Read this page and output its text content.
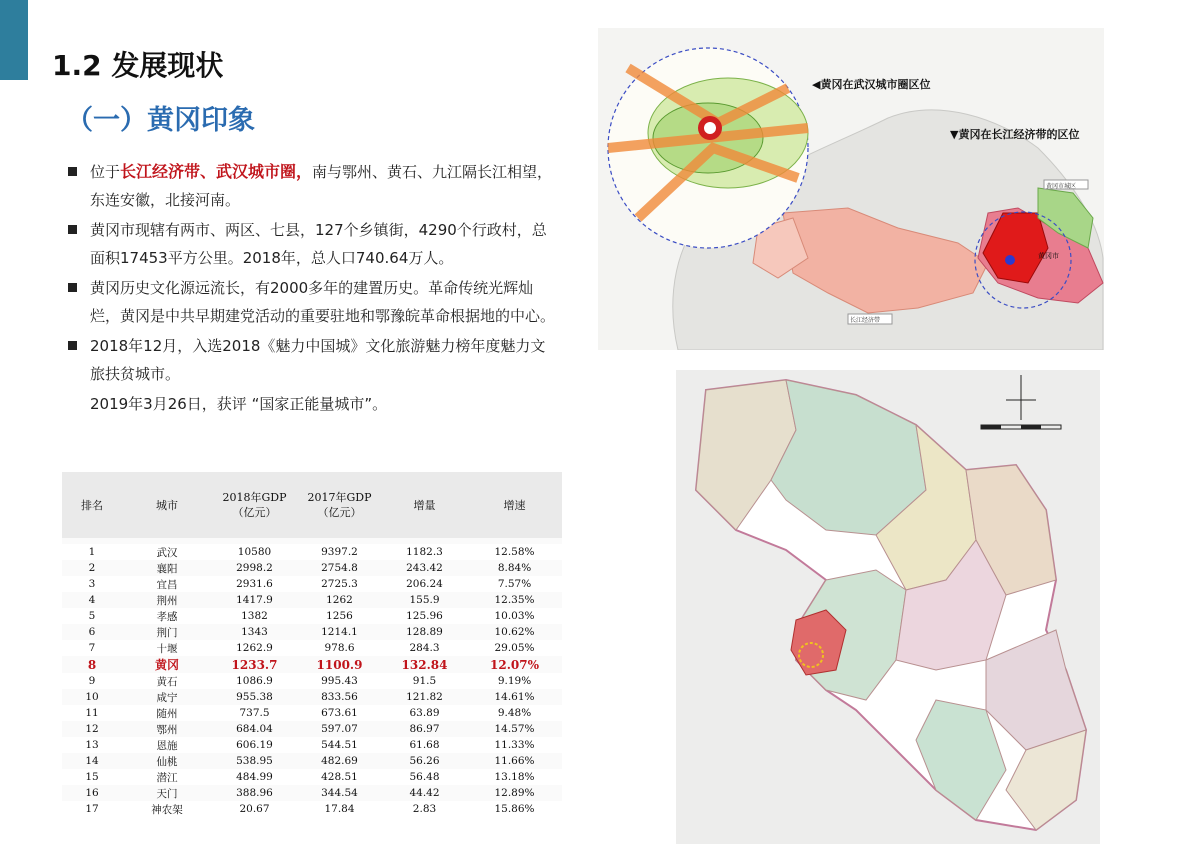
1.2 发展现状
（一）黄冈印象
位于长江经济带、武汉城市圈，南与鄂州、黄石、九江隔长江相望，东连安徽，北接河南。
黄冈市现辖有两市、两区、七县，127个乡镇街，4290个行政村，总面积17453平方公里。2018年，总人口740.64万人。
黄冈历史文化源远流长，有2000多年的建置历史。革命传统光辉灿烂，黄冈是中共早期建党活动的重要驻地和鄂豫皖革命根据地的中心。
2018年12月，入选2018《魅力中国城》文化旅游魅力榜年度魅力文旅扶贫城市。
2019年3月26日，获评 “国家正能量城市”。
排名	城市	2018年GDP（亿元）	2017年GDP（亿元）	增量	增速

1	武汉	10580	9397.2	1182.3	12.58%
2	襄阳	2998.2	2754.8	243.42	8.84%
3	宜昌	2931.6	2725.3	206.24	7.57%
4	荆州	1417.9	1262	155.9	12.35%
5	孝感	1382	1256	125.96	10.03%
6	荆门	1343	1214.1	128.89	10.62%
7	十堰	1262.9	978.6	284.3	29.05%
8	黄冈	1233.7	1100.9	132.84	12.07%
9	黄石	1086.9	995.43	91.5	9.19%
10	咸宁	955.38	833.56	121.82	14.61%
11	随州	737.5	673.61	63.89	9.48%
12	鄂州	684.04	597.07	86.97	14.57%
13	恩施	606.19	544.51	61.68	11.33%
14	仙桃	538.95	482.69	56.26	11.66%
15	潜江	484.99	428.51	56.48	13.18%
16	天门	388.96	344.54	44.42	12.89%
17	神农架	20.67	17.84	2.83	15.86%
◀黄冈在武汉城市圈区位
▼黄冈在长江经济带的区位
长江经济带
黄冈市
黄冈市城区
